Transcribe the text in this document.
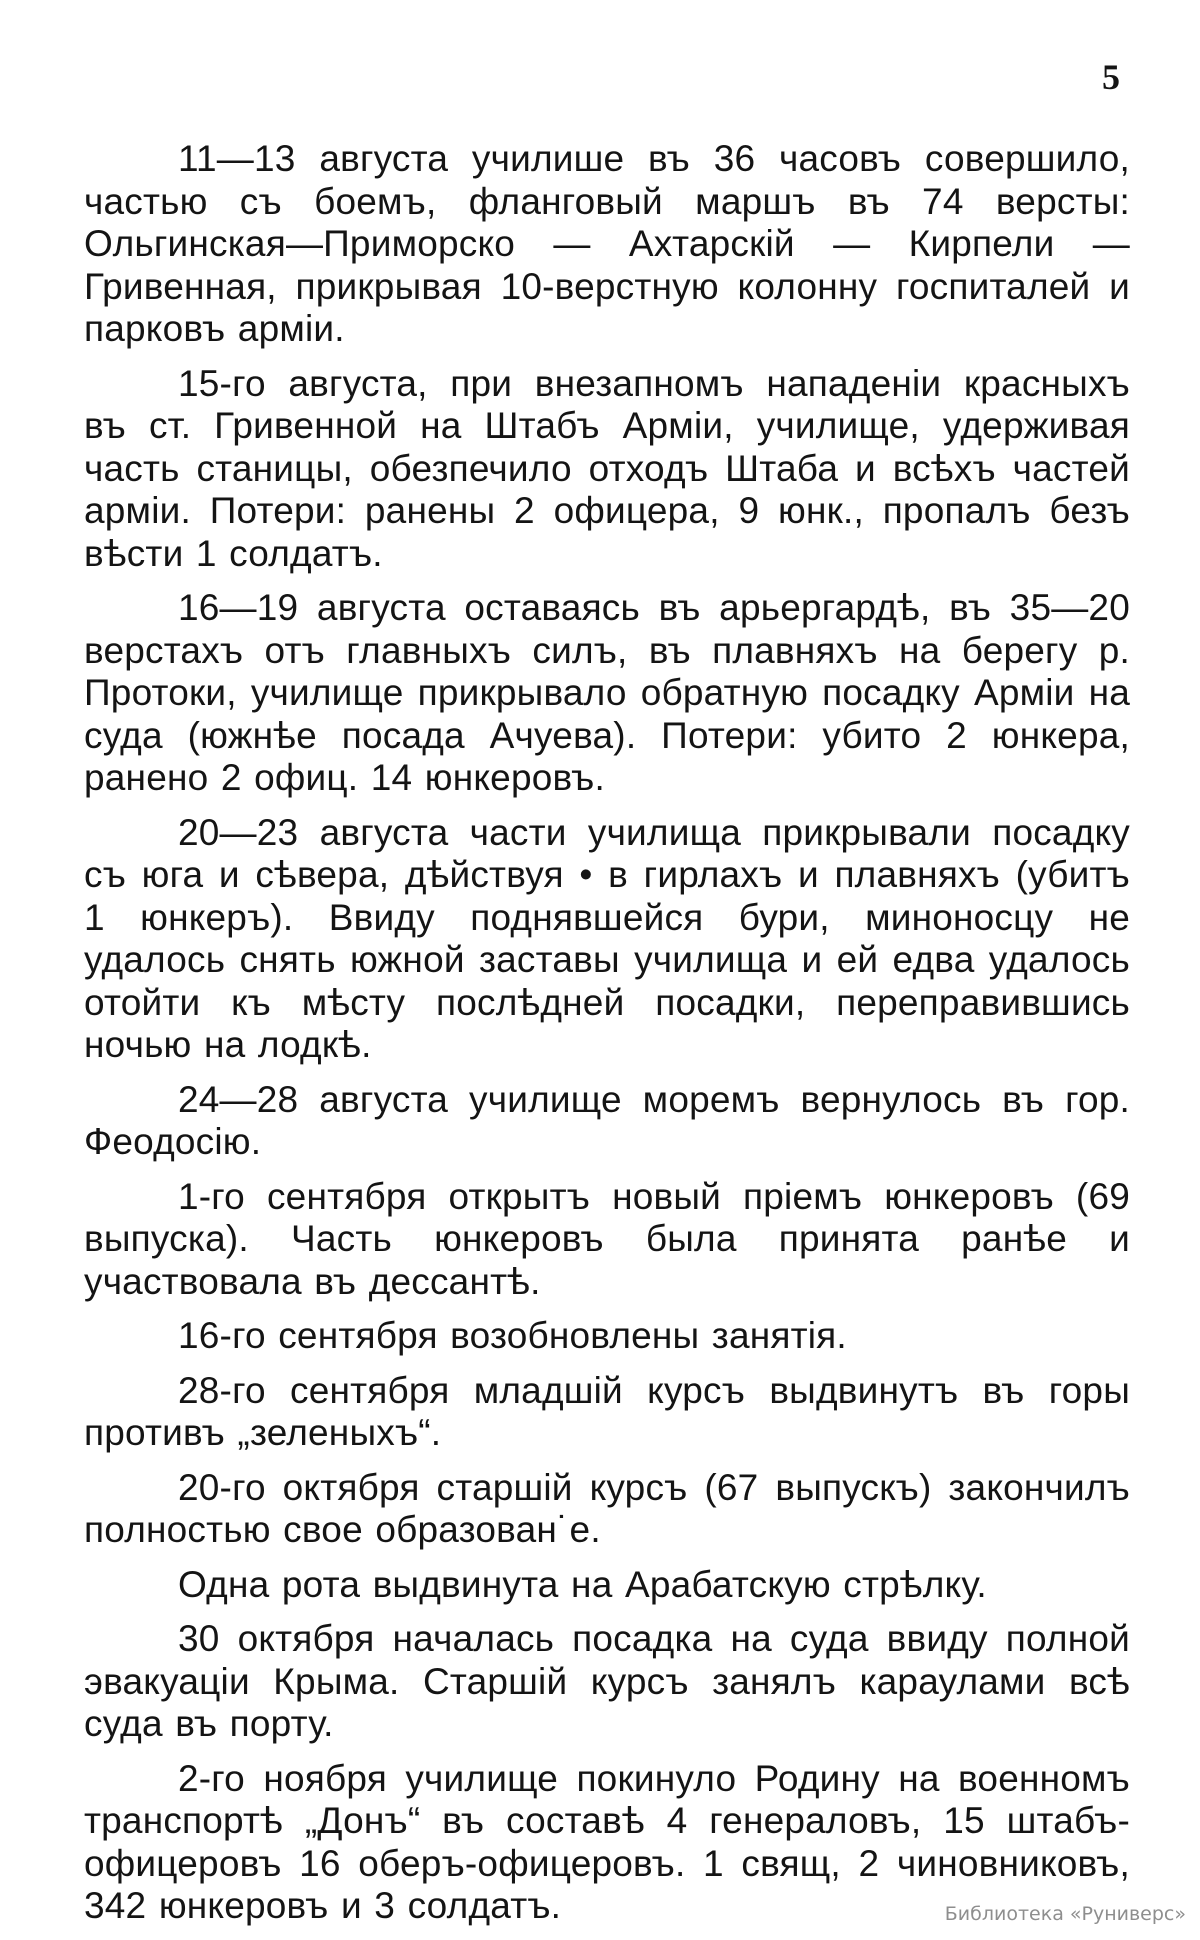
5

11—13 августа училише въ 36 часовъ совершило, частью съ боемъ, фланговый маршъ въ 74 версты: Ольгинская—Приморско — Ахтарскій — Кирпели — Гривенная, прикрывая 10-верстную колонну госпиталей и парковъ арміи.

15-го августа, при внезапномъ нападеніи красныхъ въ ст. Гривенной на Штабъ Арміи, училище, удерживая часть станицы, обезпечило отходъ Штаба и всѣхъ частей арміи. Потери: ранены 2 офицера, 9 юнк., пропалъ безъ вѣсти 1 солдатъ.

16—19 августа оставаясь въ арьергардѣ, въ 35—20 верстахъ отъ главныхъ силъ, въ плавняхъ на берегу р. Протоки, училище прикрывало обратную посадку Арміи на суда (южнѣе посада Ачуева). Потери: убито 2 юнкера, ранено 2 офиц. 14 юнкеровъ.

20—23 августа части училища прикрывали посадку съ юга и сѣвера, дѣйствуя • в гирлахъ и плавняхъ (убитъ 1 юнкеръ). Ввиду поднявшейся бури, миноносцу не удалось снять южной заставы училища и ей едва удалось отойти къ мѣсту послѣдней посадки, переправившись ночью на лодкѣ.

24—28 августа училище моремъ вернулось въ гор. Феодосію.

1-го сентября открытъ новый пріемъ юнкеровъ (69 выпуска). Часть юнкеровъ была принята ранѣе и участвовала въ дессантѣ.

16-го сентября возобновлены занятія.

28-го сентября младшій курсъ выдвинутъ въ горы противъ „зеленыхъ“.

20-го октября старшій курсъ (67 выпускъ) закончилъ полностью свое образован˙е.

Одна рота выдвинута на Арабатскую стрѣлку.

30 октября началась посадка на суда ввиду полной эвакуаціи Крыма. Старшій курсъ занялъ караулами всѣ суда въ порту.

2-го ноября училище покинуло Родину на военномъ транспортѣ „Донъ“ въ составѣ 4 генераловъ, 15 штабъ-офицеровъ 16 оберъ-офицеровъ. 1 свящ, 2 чиновниковъ, 342 юнкеровъ и 3 солдатъ.	Библиотека «Руниверс»
